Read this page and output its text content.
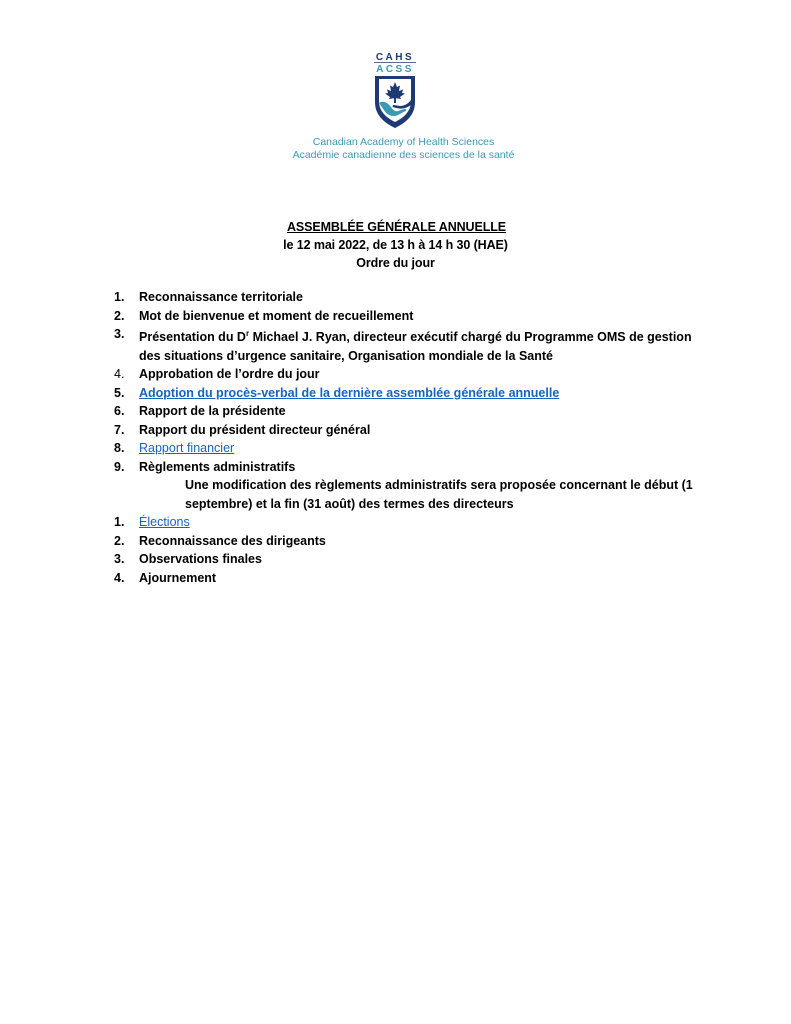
CAHS
ACSS
Canadian Academy of Health Sciences
Académie canadienne des sciences de la santé
ASSEMBLÉE GÉNÉRALE ANNUELLE
le 12 mai 2022, de 13 h à 14 h 30 (HAE)
Ordre du jour
1.	Reconnaissance territoriale
2.	Mot de bienvenue et moment de recueillement
3.	Présentation du $D^r$ Michael J. Ryan, directeur exécutif chargé du Programme OMS de gestion des situations d’urgence sanitaire, Organisation mondiale de la Santé
4.	Approbation de l’ordre du jour
5.	Adoption du procès-verbal de la dernière assemblée générale annuelle
6.	Rapport de la présidente
7.	Rapport du président directeur général
8.	Rapport financier
9.	Règlements administratifs
Une modification des règlements administratifs sera proposée concernant le début (1 septembre) et la fin (31 août) des termes des directeurs
1.	Élections
2.	Reconnaissance des dirigeants
3.	Observations finales
4.	Ajournement
